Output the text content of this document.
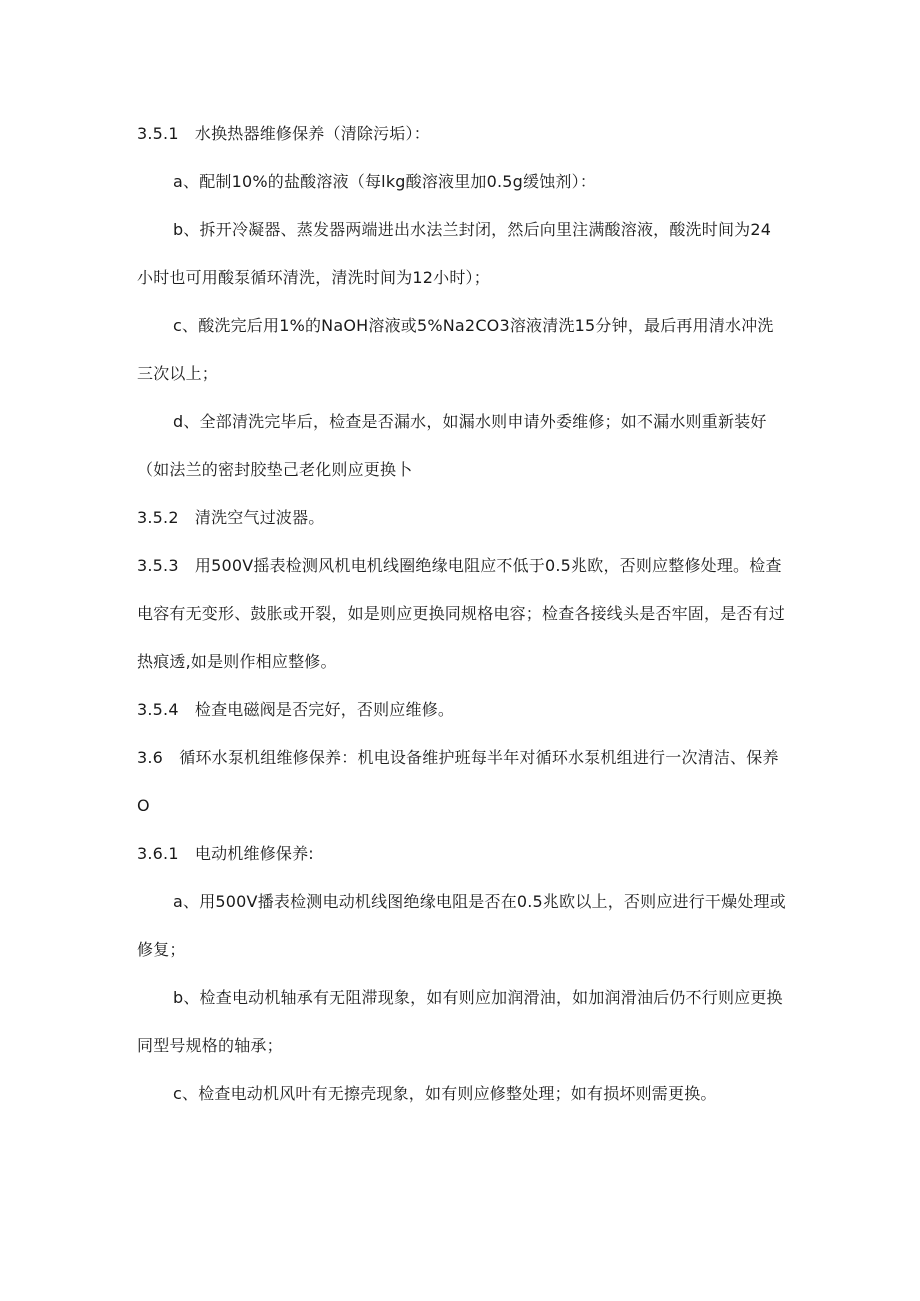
3.5.1　水换热器维修保养（清除污垢）：
a、配制10%的盐酸溶液（每lkg酸溶液里加0.5g缓蚀剂）：
b、拆开冷凝器、蒸发器两端进出水法兰封闭，然后向里注满酸溶液，酸洗时间为24小时也可用酸泵循环清洗，清洗时间为12小时）；
c、酸洗完后用1%的NaOH溶液或5%Na2CO3溶液清洗15分钟，最后再用清水冲洗三次以上；
d、全部清洗完毕后，检查是否漏水，如漏水则申请外委维修；如不漏水则重新装好（如法兰的密封胶垫己老化则应更换卜
3.5.2　清洗空气过波器。
3.5.3　用500V摇表检测风机电机线圈绝缘电阻应不低于0.5兆欧，否则应整修处理。检查电容有无变形、鼓胀或开裂，如是则应更换同规格电容；检查各接线头是否牢固，是否有过热痕透,如是则作相应整修。
3.5.4　检查电磁阀是否完好，否则应维修。
3.6　循环水泵机组维修保养：机电设备维护班每半年对循环水泵机组进行一次清洁、保养O
3.6.1　电动机维修保养:
a、用500V播表检测电动机线图绝缘电阻是否在0.5兆欧以上，否则应进行干燥处理或修复；
b、检查电动机轴承有无阻滞现象，如有则应加润滑油，如加润滑油后仍不行则应更换同型号规格的轴承；
c、检查电动机风叶有无擦壳现象，如有则应修整处理；如有损坏则需更换。
